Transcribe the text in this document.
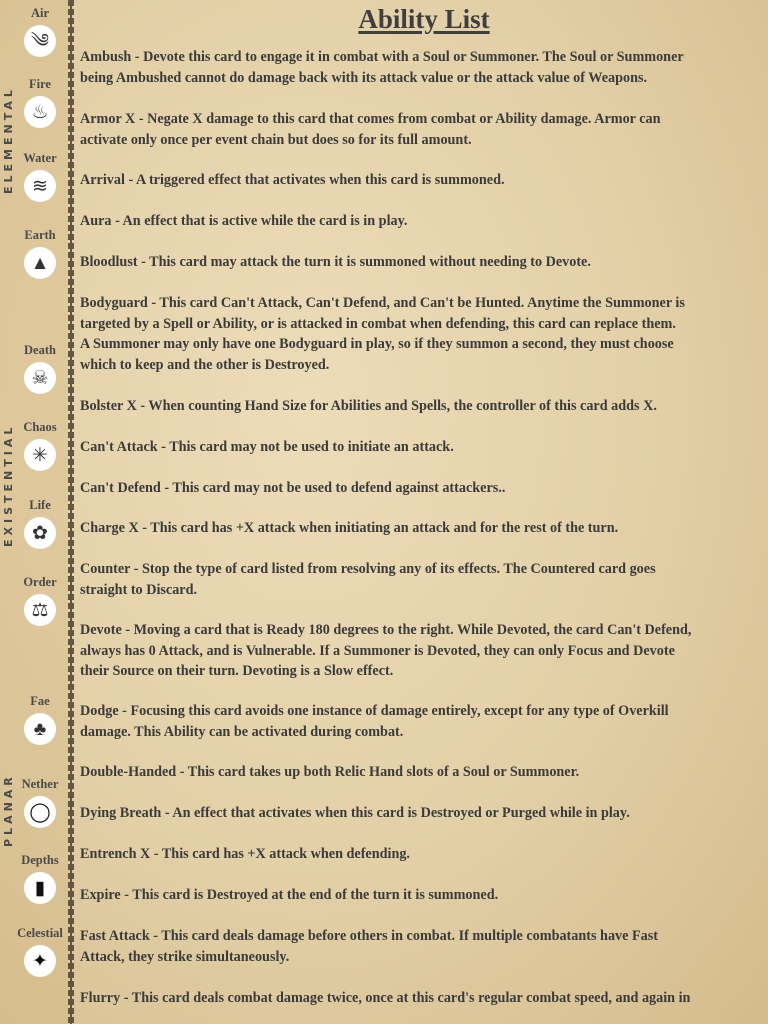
ELEMENTAL
EXISTENTIAL
PLANAR
Air
༄
Fire
♨
Water
≋
Earth
▲
Death
☠
Chaos
✳
Life
✿
Order
⚖
Fae
♣
Nether
◯
Depths
▮
Celestial
✦
Ability List
Ambush - Devote this card to engage it in combat with a Soul or Summoner. The Soul or Summoner
being Ambushed cannot do damage back with its attack value or the attack value of Weapons.
Armor X - Negate X damage to this card that comes from combat or Ability damage. Armor can
activate only once per event chain but does so for its full amount.
Arrival - A triggered effect that activates when this card is summoned.
Aura - An effect that is active while the card is in play.
Bloodlust - This card may attack the turn it is summoned without needing to Devote.
Bodyguard - This card Can't Attack, Can't Defend, and Can't be Hunted. Anytime the Summoner is
targeted by a Spell or Ability, or is attacked in combat when defending, this card can replace them.
A Summoner may only have one Bodyguard in play, so if they summon a second, they must choose
which to keep and the other is Destroyed.
Bolster X - When counting Hand Size for Abilities and Spells, the controller of this card adds X.
Can't Attack - This card may not be used to initiate an attack.
Can't Defend - This card may not be used to defend against attackers..
Charge X - This card has +X attack when initiating an attack and for the rest of the turn.
Counter - Stop the type of card listed from resolving any of its effects. The Countered card goes
straight to Discard.
Devote - Moving a card that is Ready 180 degrees to the right. While Devoted, the card Can't Defend,
always has 0 Attack, and is Vulnerable. If a Summoner is Devoted, they can only Focus and Devote
their Source on their turn. Devoting is a Slow effect.
Dodge - Focusing this card avoids one instance of damage entirely, except for any type of Overkill
damage. This Ability can be activated during combat.
Double-Handed - This card takes up both Relic Hand slots of a Soul or Summoner.
Dying Breath - An effect that activates when this card is Destroyed or Purged while in play.
Entrench X - This card has +X attack when defending.
Expire - This card is Destroyed at the end of the turn it is summoned.
Fast Attack - This card deals damage before others in combat. If multiple combatants have Fast
Attack, they strike simultaneously.
Flurry - This card deals combat damage twice, once at this card's regular combat speed, and again in
